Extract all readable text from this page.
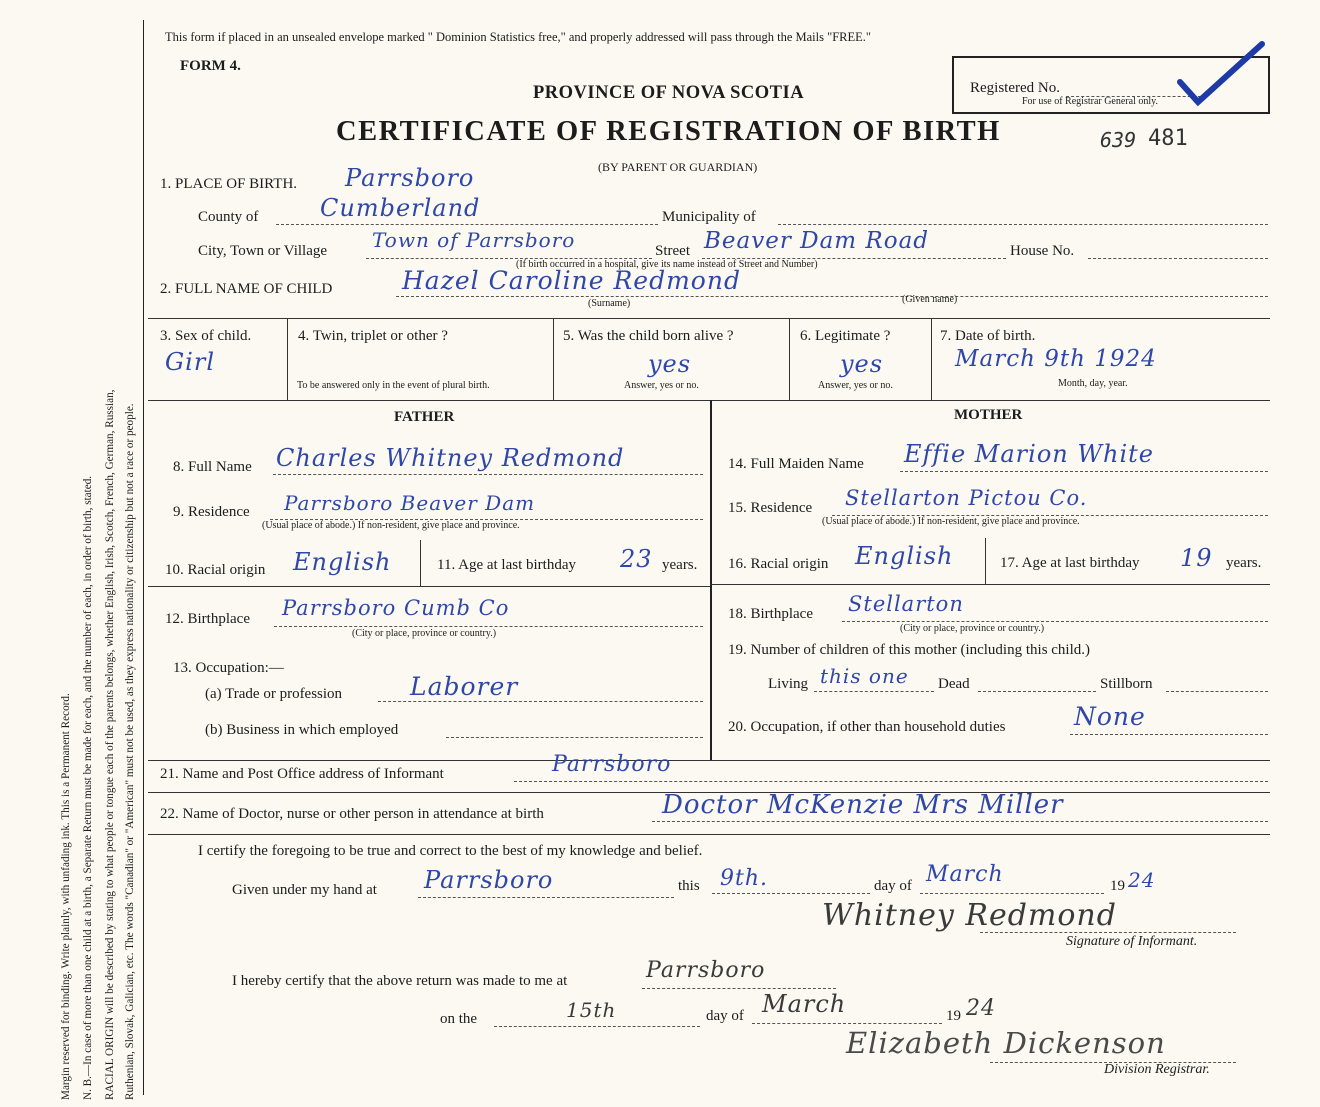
Margin reserved for binding. Write plainly, with unfading ink. This is a Permanent Record. N. B.—In case of more than one child at a birth, a Separate Return must be made for each, and the number of each, in order of birth, stated. RACIAL ORIGIN will be described by stating to what people or tongue each of the parents belongs, whether English, Irish, Scotch, French, German, Russian, Ruthenian, Slovak, Galician, etc. The words "Canadian" or "American" must not be used, as they express nationality or citizenship but not a race or people.
This form if placed in an unsealed envelope marked " Dominion Statistics free," and properly addressed will pass through the Mails "FREE."
FORM 4.
PROVINCE OF NOVA SCOTIA
CERTIFICATE OF REGISTRATION OF BIRTH
(BY PARENT OR GUARDIAN)
Registered No.
For use of Registrar General only.
639 481
1. PLACE OF BIRTH. Parrsboro
County of	Cumberland	Municipality of
City, Town or Village Town of Parrsboro	Street Beaver Dam Road	House No.
(If birth occurred in a hospital, give its name instead of Street and Number)
2. FULL NAME OF CHILD	Hazel Caroline Redmond
(Surname)	(Given name)
3. Sex of child.
Girl
4. Twin, triplet or other ?
To be answered only in the event of plural birth.
5. Was the child born alive ?
yes
Answer, yes or no.
6. Legitimate ?
yes
Answer, yes or no.
7. Date of birth.
March 9th 1924
Month, day, year.
FATHER	MOTHER
8. Full Name Charles Whitney Redmond
9. Residence Parrsboro Beaver Dam
(Usual place of abode.) If non-resident, give place and province.
10. Racial origin English	11. Age at last birthday 23 years.
12. Birthplace Parrsboro Cumb Co
(City or place, province or country.)
13. Occupation:—
(a) Trade or profession	Laborer
(b) Business in which employed
14. Full Maiden Name Effie Marion White
15. Residence Stellarton Pictou Co.
(Usual place of abode.) If non-resident, give place and province.
16. Racial origin English	17. Age at last birthday 19 years.
18. Birthplace Stellarton
(City or place, province or country.)
19. Number of children of this mother (including this child.)
Living this one Dead	Stillborn
20. Occupation, if other than household duties	None
21. Name and Post Office address of Informant	Parrsboro
22. Name of Doctor, nurse or other person in attendance at birth	Doctor McKenzie Mrs Miller
I certify the foregoing to be true and correct to the best of my knowledge and belief.
Given under my hand at Parrsboro	this 9th.	day of March	19 24
Whitney Redmond
Signature of Informant.
I hereby certify that the above return was made to me at	Parrsboro
on the	15th	day of March	19 24
Elizabeth Dickenson
Division Registrar.
